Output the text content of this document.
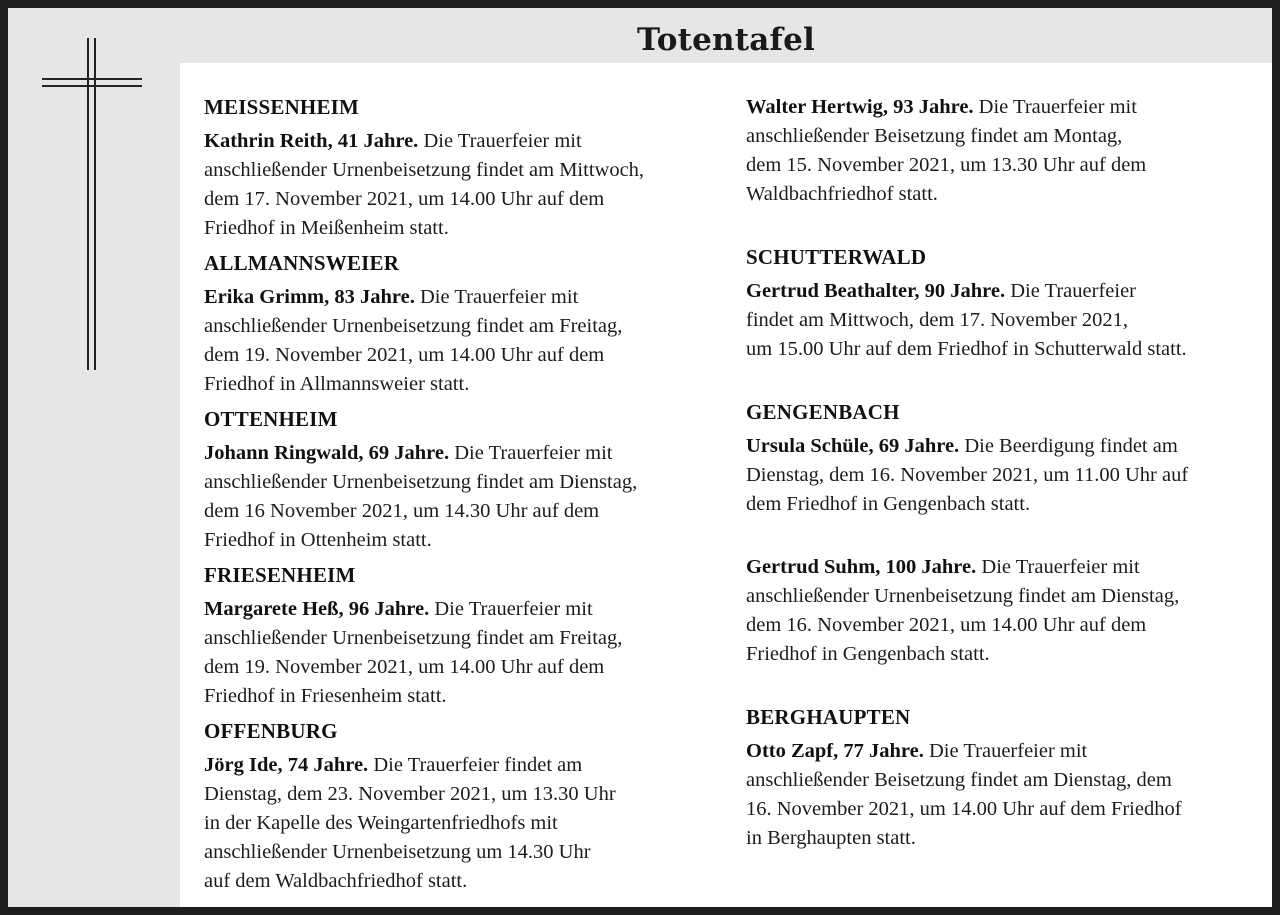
Totentafel
MEISSENHEIM
Kathrin Reith, 41 Jahre. Die Trauerfeier mit
anschließender Urnenbeisetzung findet am Mittwoch,
dem 17. November 2021, um 14.00 Uhr auf dem
Friedhof in Meißenheim statt.
ALLMANNSWEIER
Erika Grimm, 83 Jahre. Die Trauerfeier mit
anschließender Urnenbeisetzung findet am Freitag,
dem 19. November 2021, um 14.00 Uhr auf dem
Friedhof in Allmannsweier statt.
OTTENHEIM
Johann Ringwald, 69 Jahre. Die Trauerfeier mit
anschließender Urnenbeisetzung findet am Dienstag,
dem 16 November 2021, um 14.30 Uhr auf dem
Friedhof in Ottenheim statt.
FRIESENHEIM
Margarete Heß, 96 Jahre. Die Trauerfeier mit
anschließender Urnenbeisetzung findet am Freitag,
dem 19. November 2021, um 14.00 Uhr auf dem
Friedhof in Friesenheim statt.
OFFENBURG
Jörg Ide, 74 Jahre. Die Trauerfeier findet am
Dienstag, dem 23. November 2021, um 13.30 Uhr
in der Kapelle des Weingartenfriedhofs mit
anschließender Urnenbeisetzung um 14.30 Uhr
auf dem Waldbachfriedhof statt.
Walter Hertwig, 93 Jahre. Die Trauerfeier mit
anschließender Beisetzung findet am Montag,
dem 15. November 2021, um 13.30 Uhr auf dem
Waldbachfriedhof statt.
SCHUTTERWALD
Gertrud Beathalter, 90 Jahre. Die Trauerfeier
findet am Mittwoch, dem 17. November 2021,
um 15.00 Uhr auf dem Friedhof in Schutterwald statt.
GENGENBACH
Ursula Schüle, 69 Jahre. Die Beerdigung findet am
Dienstag, dem 16. November 2021, um 11.00 Uhr auf
dem Friedhof in Gengenbach statt.
Gertrud Suhm, 100 Jahre. Die Trauerfeier mit
anschließender Urnenbeisetzung findet am Dienstag,
dem 16. November 2021, um 14.00 Uhr auf dem
Friedhof in Gengenbach statt.
BERGHAUPTEN
Otto Zapf, 77 Jahre. Die Trauerfeier mit
anschließender Beisetzung findet am Dienstag, dem
16. November 2021, um 14.00 Uhr auf dem Friedhof
in Berghaupten statt.
